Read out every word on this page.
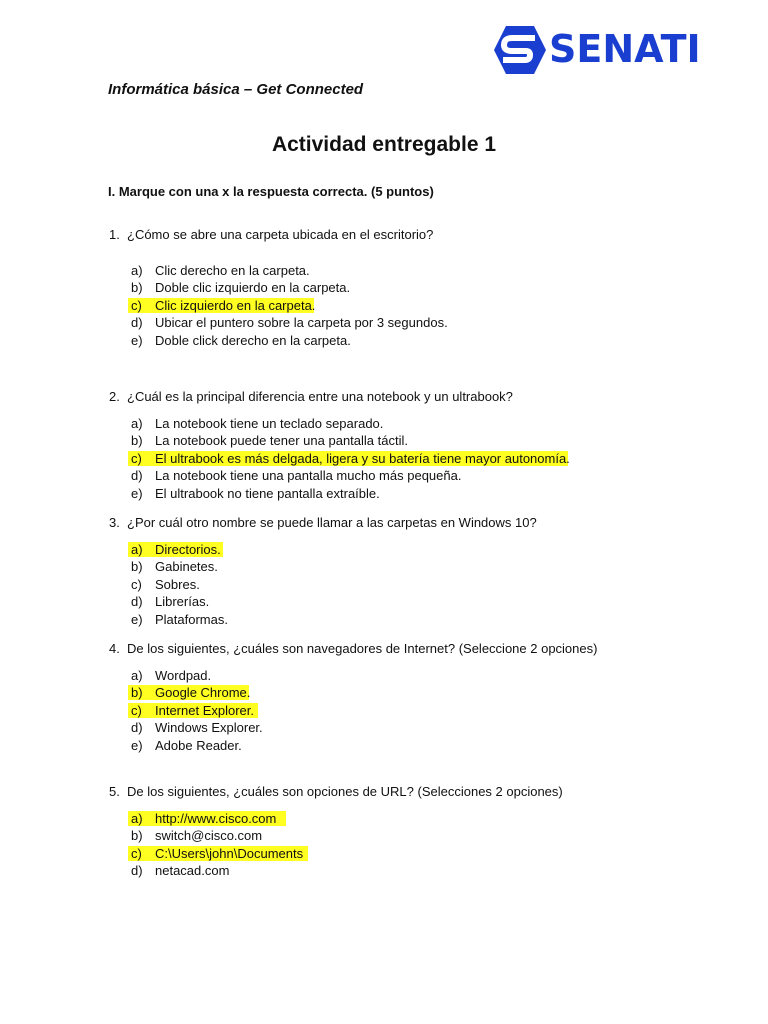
SENATI
Informática básica – Get Connected
Actividad entregable 1
I. Marque con una x la respuesta correcta. (5 puntos)
1. ¿Cómo se abre una carpeta ubicada en el escritorio?
a) Clic derecho en la carpeta.
b) Doble clic izquierdo en la carpeta.
c) Clic izquierdo en la carpeta.
d) Ubicar el puntero sobre la carpeta por 3 segundos.
e) Doble click derecho en la carpeta.
2. ¿Cuál es la principal diferencia entre una notebook y un ultrabook?
a) La notebook tiene un teclado separado.
b) La notebook puede tener una pantalla táctil.
c) El ultrabook es más delgada, ligera y su batería tiene mayor autonomía.
d) La notebook tiene una pantalla mucho más pequeña.
e) El ultrabook no tiene pantalla extraíble.
3. ¿Por cuál otro nombre se puede llamar a las carpetas en Windows 10?
a) Directorios.
b) Gabinetes.
c) Sobres.
d) Librerías.
e) Plataformas.
4. De los siguientes, ¿cuáles son navegadores de Internet? (Seleccione 2 opciones)
a) Wordpad.
b) Google Chrome.
c) Internet Explorer.
d) Windows Explorer.
e) Adobe Reader.
5. De los siguientes, ¿cuáles son opciones de URL? (Selecciones 2 opciones)
a) http://www.cisco.com
b) switch@cisco.com
c) C:\Users\john\Documents
d) netacad.com
